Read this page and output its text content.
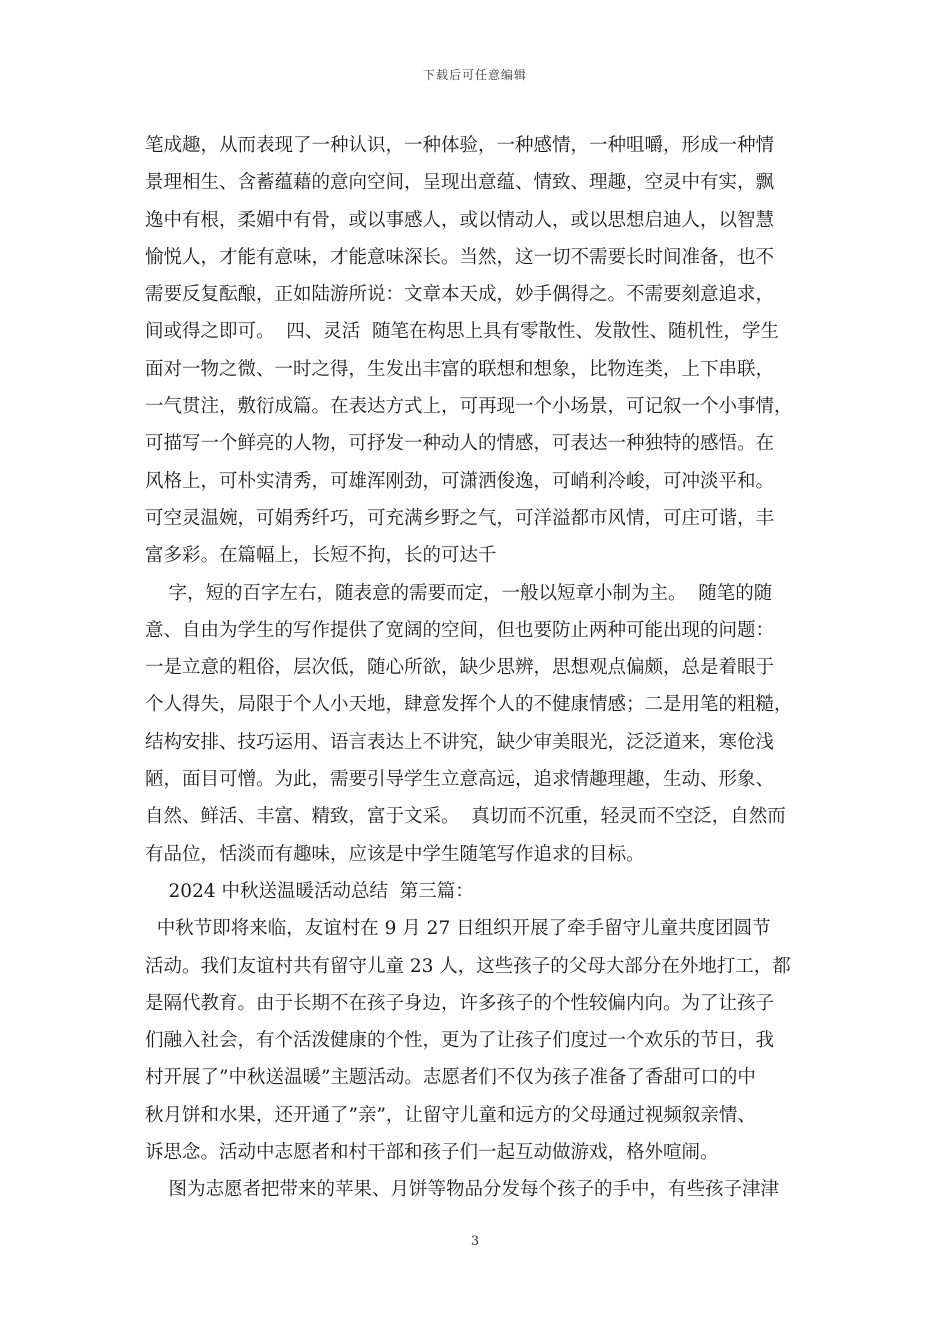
下载后可任意编辑
笔成趣，从而表现了一种认识，一种体验，一种感情，一种咀嚼，形成一种情
景理相生、含蓄蕴藉的意向空间，呈现出意蕴、情致、理趣，空灵中有实，飘
逸中有根，柔媚中有骨，或以事感人，或以情动人，或以思想启迪人，以智慧
愉悦人，才能有意味，才能意味深长。当然，这一切不需要长时间准备，也不
需要反复酝酿，正如陆游所说：文章本天成，妙手偶得之。不需要刻意追求，
间或得之即可。  四、灵活  随笔在构思上具有零散性、发散性、随机性，学生
面对一物之微、一时之得，生发出丰富的联想和想象，比物连类，上下串联，
一气贯注，敷衍成篇。在表达方式上，可再现一个小场景，可记叙一个小事情，
可描写一个鲜亮的人物，可抒发一种动人的情感，可表达一种独特的感悟。在
风格上，可朴实清秀，可雄浑刚劲，可潇洒俊逸，可峭利冷峻，可冲淡平和。
可空灵温婉，可娟秀纤巧，可充满乡野之气，可洋溢都市风情，可庄可谐，丰
富多彩。在篇幅上，长短不拘，长的可达千
字，短的百字左右，随表意的需要而定，一般以短章小制为主。  随笔的随
意、自由为学生的写作提供了宽阔的空间，但也要防止两种可能出现的问题：
一是立意的粗俗，层次低，随心所欲，缺少思辨，思想观点偏颇，总是着眼于
个人得失，局限于个人小天地，肆意发挥个人的不健康情感；二是用笔的粗糙，
结构安排、技巧运用、语言表达上不讲究，缺少审美眼光，泛泛道来，寒伧浅
陋，面目可憎。为此，需要引导学生立意高远，追求情趣理趣，生动、形象、
自然、鲜活、丰富、精致，富于文采。  真切而不沉重，轻灵而不空泛，自然而
有品位，恬淡而有趣味，应该是中学生随笔写作追求的目标。
2024 中秋送温暖活动总结  第三篇：
中秋节即将来临，友谊村在 9 月 27 日组织开展了牵手留守儿童共度团圆节
活动。我们友谊村共有留守儿童 23 人，这些孩子的父母大部分在外地打工，都
是隔代教育。由于长期不在孩子身边，许多孩子的个性较偏内向。为了让孩子
们融入社会，有个活泼健康的个性，更为了让孩子们度过一个欢乐的节日，我
村开展了”中秋送温暖”主题活动。志愿者们不仅为孩子准备了香甜可口的中
秋月饼和水果，还开通了”亲”，让留守儿童和远方的父母通过视频叙亲情、
诉思念。活动中志愿者和村干部和孩子们一起互动做游戏，格外喧闹。
图为志愿者把带来的苹果、月饼等物品分发每个孩子的手中，有些孩子津津
3
